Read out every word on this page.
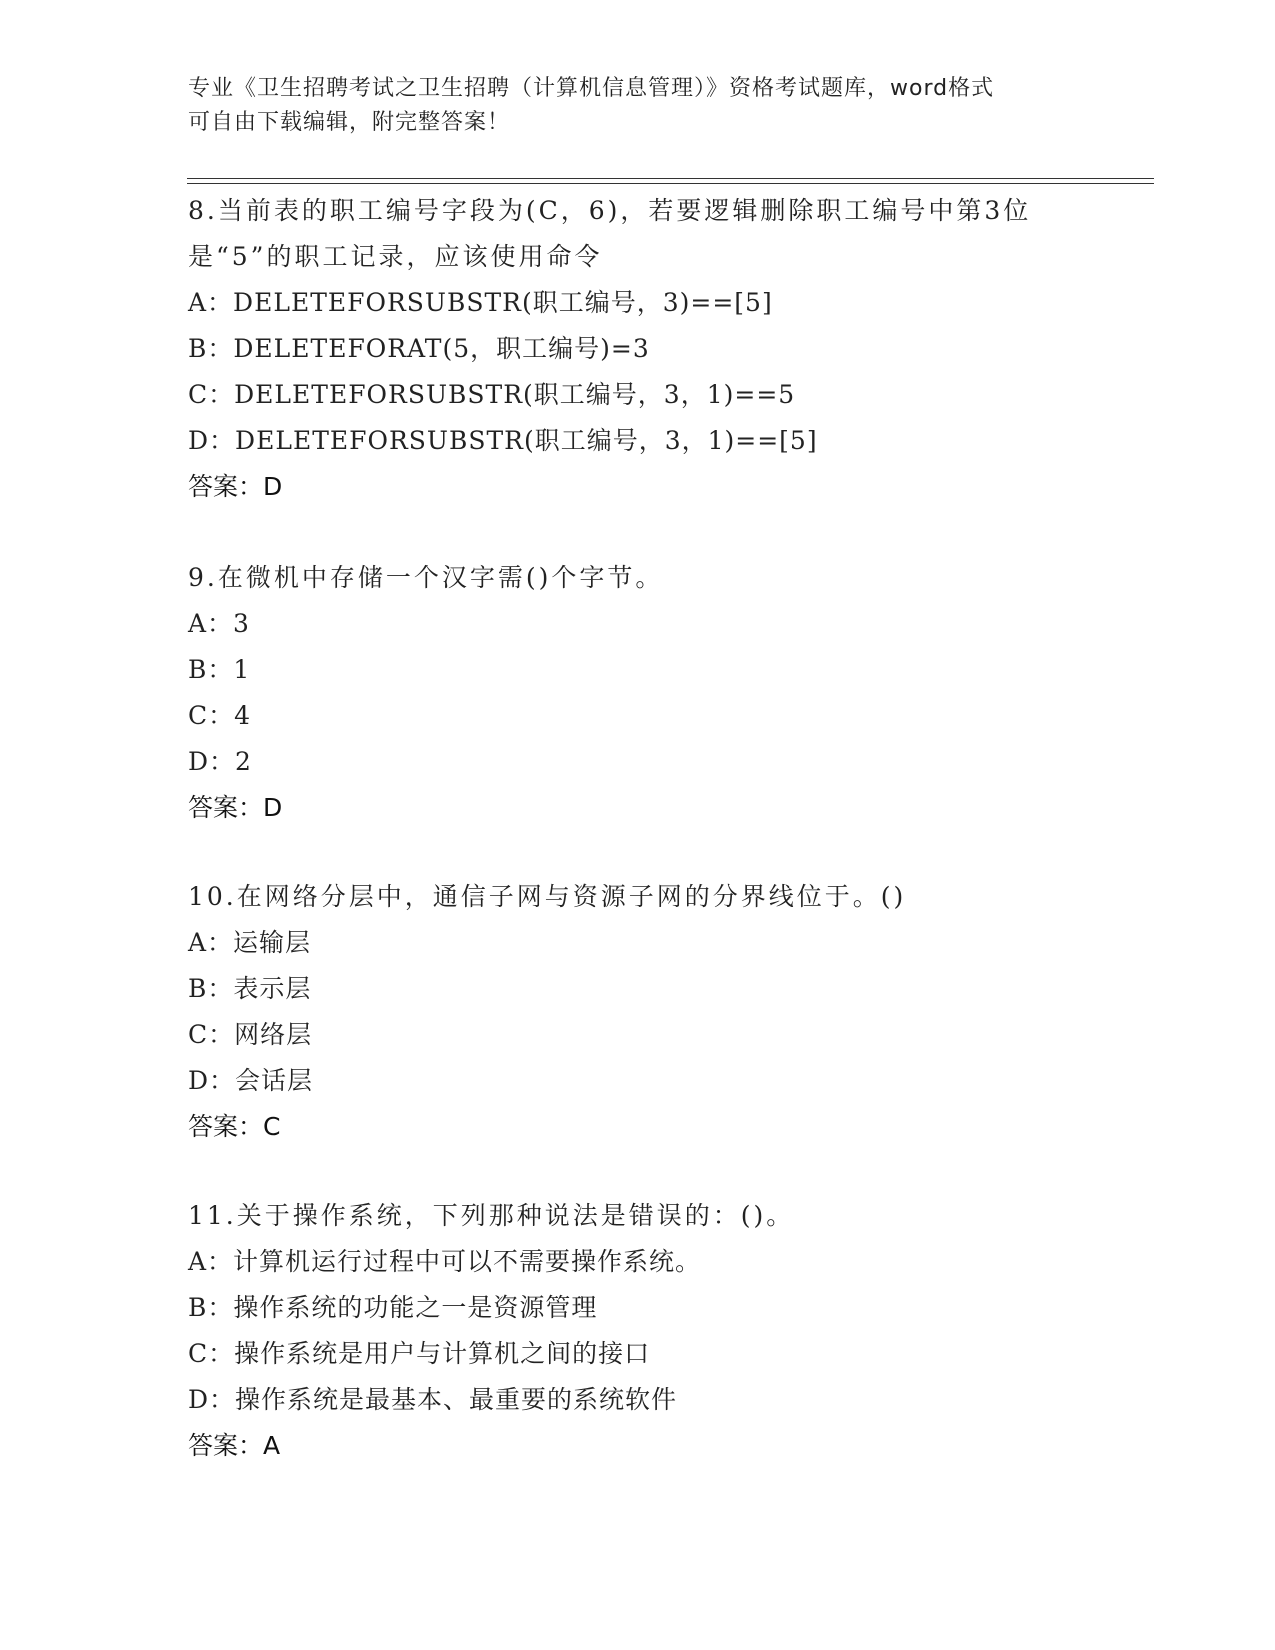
专业《卫生招聘考试之卫生招聘（计算机信息管理）》资格考试题库，word格式
可自由下载编辑，附完整答案！

8.当前表的职工编号字段为(C，6)，若要逻辑删除职工编号中第3位是“5”的职工记录，应该使用命令

A：DELETEFORSUBSTR(职工编号，3)==[5]

B：DELETEFORAT(5，职工编号)=3

C：DELETEFORSUBSTR(职工编号，3，1)==5

D：DELETEFORSUBSTR(职工编号，3，1)==[5]

答案：D

9.在微机中存储一个汉字需()个字节。

A：3

B：1

C：4

D：2

答案：D

10.在网络分层中，通信子网与资源子网的分界线位于。()

A：运输层

B：表示层

C：网络层

D：会话层

答案：C

11.关于操作系统，下列那种说法是错误的：()。

A：计算机运行过程中可以不需要操作系统。

B：操作系统的功能之一是资源管理

C：操作系统是用户与计算机之间的接口

D：操作系统是最基本、最重要的系统软件

答案：A
